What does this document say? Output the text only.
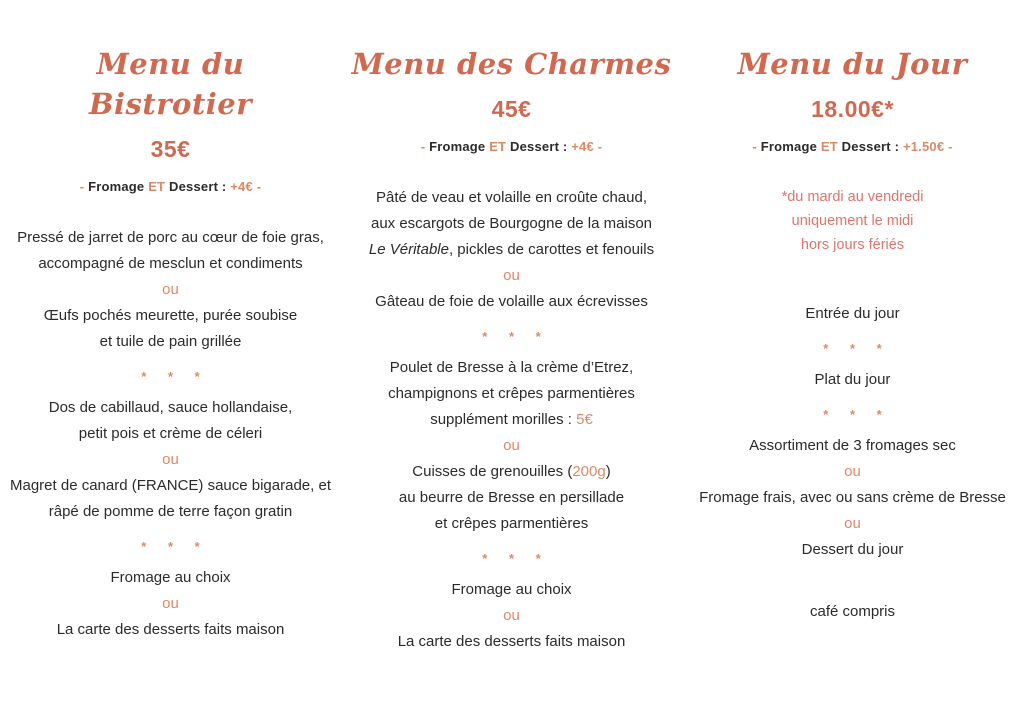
Menu du Bistrotier
35€
- Fromage ET Dessert : +4€ -
Pressé de jarret de porc au cœur de foie gras,
accompagné de mesclun et condiments
ou
Œufs pochés meurette, purée soubise
et tuile de pain grillée
* * *
Dos de cabillaud, sauce hollandaise,
petit pois et crème de céleri
ou
Magret de canard (FRANCE) sauce bigarade, et
râpé de pomme de terre façon gratin
* * *
Fromage au choix
ou
La carte des desserts faits maison
Menu des Charmes
45€
- Fromage ET Dessert : +4€ -
Pâté de veau et volaille en croûte chaud,
aux escargots de Bourgogne de la maison
Le Véritable, pickles de carottes et fenouils
ou
Gâteau de foie de volaille aux écrevisses
* * *
Poulet de Bresse à la crème d’Etrez,
champignons et crêpes parmentières
supplément morilles : 5€
ou
Cuisses de grenouilles (200g)
au beurre de Bresse en persillade
et crêpes parmentières
* * *
Fromage au choix
ou
La carte des desserts faits maison
Menu du Jour
18.00€*
- Fromage ET Dessert : +1.50€ -
*du mardi au vendredi
uniquement le midi
hors jours fériés
Entrée du jour
* * *
Plat du jour
* * *
Assortiment de 3 fromages sec
ou
Fromage frais, avec ou sans crème de Bresse
ou
Dessert du jour
café compris
